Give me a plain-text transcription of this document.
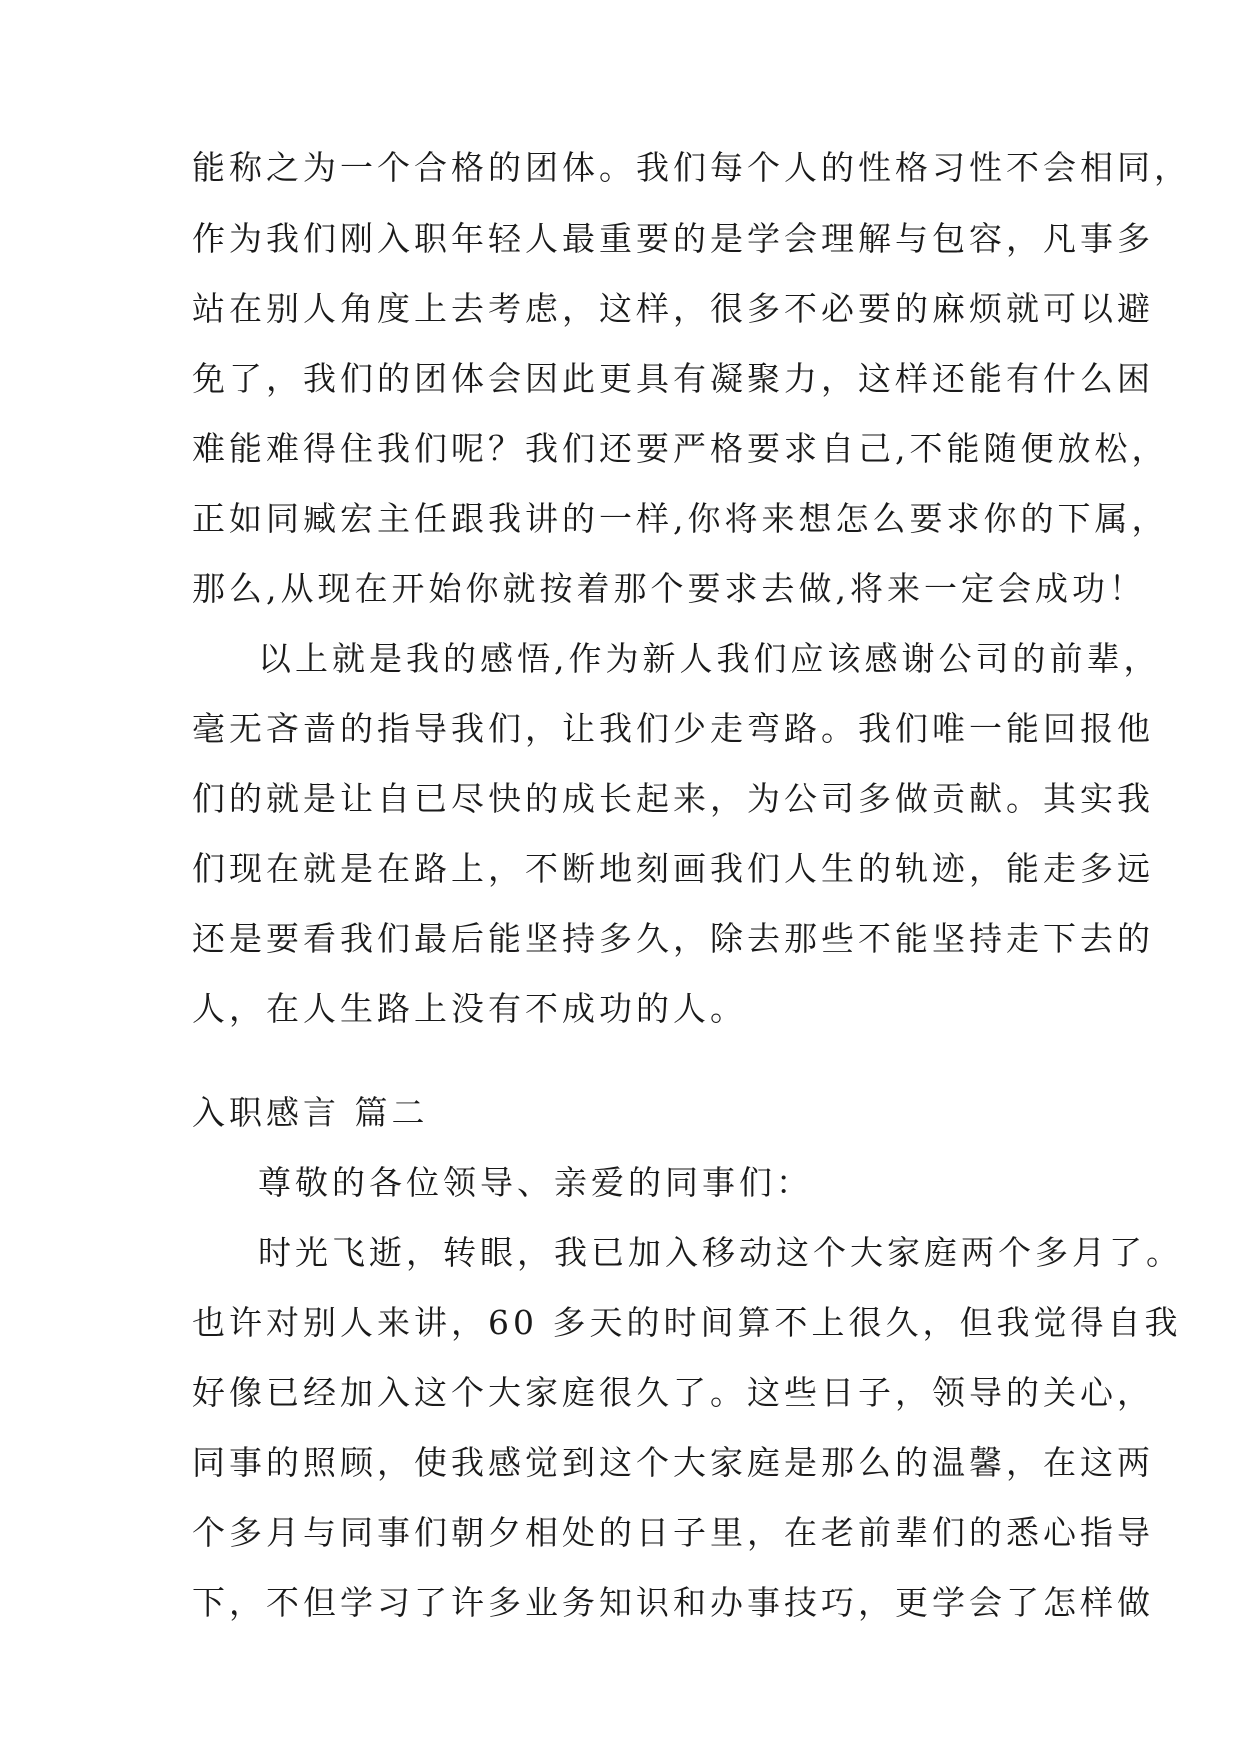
能称之为一个合格的团体。我们每个人的性格习性不会相同，
作为我们刚入职年轻人最重要的是学会理解与包容，凡事多
站在别人角度上去考虑，这样，很多不必要的麻烦就可以避
免了，我们的团体会因此更具有凝聚力，这样还能有什么困
难能难得住我们呢？我们还要严格要求自己,不能随便放松，
正如同臧宏主任跟我讲的一样,你将来想怎么要求你的下属，
那么,从现在开始你就按着那个要求去做,将来一定会成功！
以上就是我的感悟,作为新人我们应该感谢公司的前辈，
毫无吝啬的指导我们，让我们少走弯路。我们唯一能回报他
们的就是让自已尽快的成长起来，为公司多做贡献。其实我
们现在就是在路上，不断地刻画我们人生的轨迹，能走多远
还是要看我们最后能坚持多久，除去那些不能坚持走下去的
人，在人生路上没有不成功的人。
入职感言 篇二
尊敬的各位领导、亲爱的同事们：
时光飞逝，转眼，我已加入移动这个大家庭两个多月了。
也许对别人来讲，60 多天的时间算不上很久，但我觉得自我
好像已经加入这个大家庭很久了。这些日子，领导的关心，
同事的照顾，使我感觉到这个大家庭是那么的温馨，在这两
个多月与同事们朝夕相处的日子里，在老前辈们的悉心指导
下，不但学习了许多业务知识和办事技巧，更学会了怎样做
